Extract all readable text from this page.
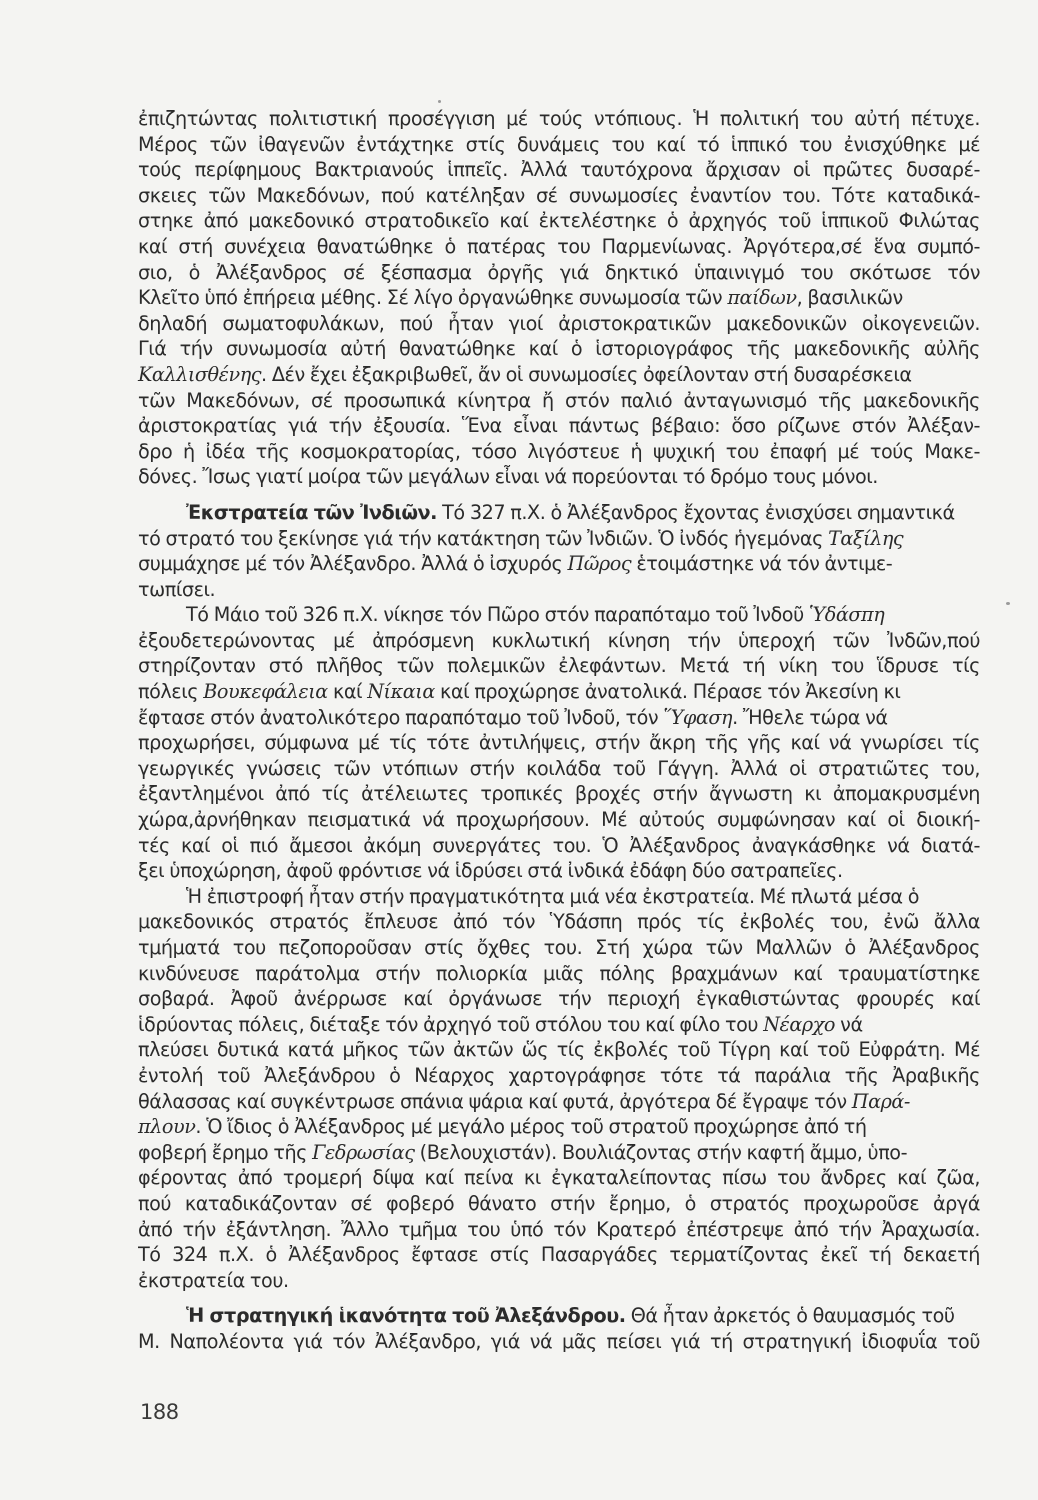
ἐπιζητώντας πολιτιστική προσέγγιση μέ τούς ντόπιους. Ἡ πολιτική του αὐτή πέτυχε.
Μέρος τῶν ἰθαγενῶν ἐντάχτηκε στίς δυνάμεις του καί τό ἱππικό του ἐνισχύθηκε μέ
τούς περίφημους Βακτριανούς ἱππεῖς. Ἀλλά ταυτόχρονα ἄρχισαν οἱ πρῶτες δυσαρέ-
σκειες τῶν Μακεδόνων, πού κατέληξαν σέ συνωμοσίες ἐναντίον του. Τότε καταδικά-
στηκε ἀπό μακεδονικό στρατοδικεῖο καί ἐκτελέστηκε ὁ ἀρχηγός τοῦ ἱππικοῦ Φιλώτας
καί στή συνέχεια θανατώθηκε ὁ πατέρας του Παρμενίωνας. Ἀργότερα,σέ ἕνα συμπό-
σιο, ὁ Ἀλέξανδρος σέ ξέσπασμα ὀργῆς γιά δηκτικό ὑπαινιγμό του σκότωσε τόν
Κλεῖτο ὑπό ἐπήρεια μέθης. Σέ λίγο ὀργανώθηκε συνωμοσία τῶν παίδων, βασιλικῶν
δηλαδή σωματοφυλάκων, πού ἦταν γιοί ἀριστοκρατικῶν μακεδονικῶν οἰκογενειῶν.
Γιά τήν συνωμοσία αὐτή θανατώθηκε καί ὁ ἱστοριογράφος τῆς μακεδονικῆς αὐλῆς
Καλλισθένης. Δέν ἔχει ἐξακριβωθεῖ, ἄν οἱ συνωμοσίες ὀφείλονταν στή δυσαρέσκεια
τῶν Μακεδόνων, σέ προσωπικά κίνητρα ἤ στόν παλιό ἀνταγωνισμό τῆς μακεδονικῆς
ἀριστοκρατίας γιά τήν ἐξουσία. Ἕνα εἶναι πάντως βέβαιο: ὅσο ρίζωνε στόν Ἀλέξαν-
δρο ἡ ἰδέα τῆς κοσμοκρατορίας, τόσο λιγόστευε ἡ ψυχική του ἐπαφή μέ τούς Μακε-
δόνες. Ἴσως γιατί μοίρα τῶν μεγάλων εἶναι νά πορεύονται τό δρόμο τους μόνοι.
Ἐκστρατεία τῶν Ἰνδιῶν. Τό 327 π.Χ. ὁ Ἀλέξανδρος ἔχοντας ἐνισχύσει σημαντικά
τό στρατό του ξεκίνησε γιά τήν κατάκτηση τῶν Ἰνδιῶν. Ὁ ἰνδός ἡγεμόνας Ταξίλης
συμμάχησε μέ τόν Ἀλέξανδρο. Ἀλλά ὁ ἰσχυρός Πῶρος ἑτοιμάστηκε νά τόν ἀντιμε-
τωπίσει.
Τό Μάιο τοῦ 326 π.Χ. νίκησε τόν Πῶρο στόν παραπόταμο τοῦ Ἰνδοῦ Ὑδάσπη
ἐξουδετερώνοντας μέ ἀπρόσμενη κυκλωτική κίνηση τήν ὑπεροχή τῶν Ἰνδῶν,πού
στηρίζονταν στό πλῆθος τῶν πολεμικῶν ἐλεφάντων. Μετά τή νίκη του ἵδρυσε τίς
πόλεις Βουκεφάλεια καί Νίκαια καί προχώρησε ἀνατολικά. Πέρασε τόν Ἀκεσίνη κι
ἔφτασε στόν ἀνατολικότερο παραπόταμο τοῦ Ἰνδοῦ, τόν Ὕφαση. Ἤθελε τώρα νά
προχωρήσει, σύμφωνα μέ τίς τότε ἀντιλήψεις, στήν ἄκρη τῆς γῆς καί νά γνωρίσει τίς
γεωργικές γνώσεις τῶν ντόπιων στήν κοιλάδα τοῦ Γάγγη. Ἀλλά οἱ στρατιῶτες του,
ἐξαντλημένοι ἀπό τίς ἀτέλειωτες τροπικές βροχές στήν ἄγνωστη κι ἀπομακρυσμένη
χώρα,ἀρνήθηκαν πεισματικά νά προχωρήσουν. Μέ αὐτούς συμφώνησαν καί οἱ διοική-
τές καί οἱ πιό ἄμεσοι ἀκόμη συνεργάτες του. Ὁ Ἀλέξανδρος ἀναγκάσθηκε νά διατά-
ξει ὑποχώρηση, ἀφοῦ φρόντισε νά ἱδρύσει στά ἰνδικά ἐδάφη δύο σατραπεῖες.
Ἡ ἐπιστροφή ἦταν στήν πραγματικότητα μιά νέα ἐκστρατεία. Μέ πλωτά μέσα ὁ
μακεδονικός στρατός ἔπλευσε ἀπό τόν Ὑδάσπη πρός τίς ἐκβολές του, ἐνῶ ἄλλα
τμήματά του πεζοποροῦσαν στίς ὄχθες του. Στή χώρα τῶν Μαλλῶν ὁ Ἀλέξανδρος
κινδύνευσε παράτολμα στήν πολιορκία μιᾶς πόλης βραχμάνων καί τραυματίστηκε
σοβαρά. Ἀφοῦ ἀνέρρωσε καί ὀργάνωσε τήν περιοχή ἐγκαθιστώντας φρουρές καί
ἱδρύοντας πόλεις, διέταξε τόν ἀρχηγό τοῦ στόλου του καί φίλο του Νέαρχο νά
πλεύσει δυτικά κατά μῆκος τῶν ἀκτῶν ὥς τίς ἐκβολές τοῦ Τίγρη καί τοῦ Εὐφράτη. Μέ
ἐντολή τοῦ Ἀλεξάνδρου ὁ Νέαρχος χαρτογράφησε τότε τά παράλια τῆς Ἀραβικῆς
θάλασσας καί συγκέντρωσε σπάνια ψάρια καί φυτά, ἀργότερα δέ ἔγραψε τόν Παρά-
πλουν. Ὁ ἴδιος ὁ Ἀλέξανδρος μέ μεγάλο μέρος τοῦ στρατοῦ προχώρησε ἀπό τή
φοβερή ἔρημο τῆς Γεδρωσίας (Βελουχιστάν). Βουλιάζοντας στήν καφτή ἄμμο, ὑπο-
φέροντας ἀπό τρομερή δίψα καί πείνα κι ἐγκαταλείποντας πίσω του ἄνδρες καί ζῶα,
πού καταδικάζονταν σέ φοβερό θάνατο στήν ἔρημο, ὁ στρατός προχωροῦσε ἀργά
ἀπό τήν ἐξάντληση. Ἄλλο τμῆμα του ὑπό τόν Κρατερό ἐπέστρεψε ἀπό τήν Ἀραχωσία.
Τό 324 π.Χ. ὁ Ἀλέξανδρος ἔφτασε στίς Πασαργάδες τερματίζοντας ἐκεῖ τή δεκαετή
ἐκστρατεία του.
Ἡ στρατηγική ἱκανότητα τοῦ Ἀλεξάνδρου. Θά ἦταν ἀρκετός ὁ θαυμασμός τοῦ
Μ. Ναπολέοντα γιά τόν Ἀλέξανδρο, γιά νά μᾶς πείσει γιά τή στρατηγική ἰδιοφυΐα τοῦ
188
